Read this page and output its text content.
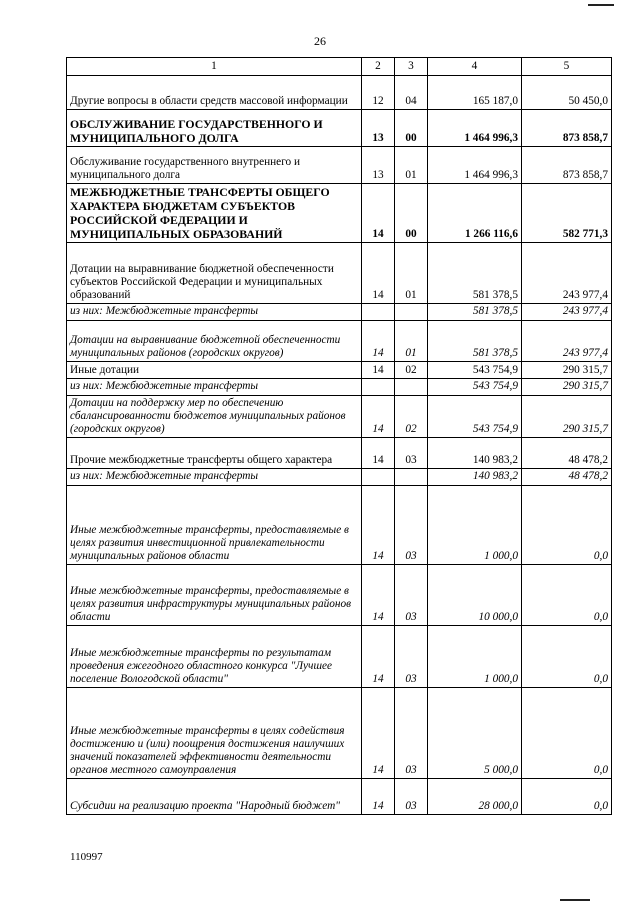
26
1	2	3	4	5
Другие вопросы в области средств массовой информации	12	04	165 187,0	50 450,0
ОБСЛУЖИВАНИЕ ГОСУДАРСТВЕННОГО И МУНИЦИПАЛЬНОГО ДОЛГА	13	00	1 464 996,3	873 858,7
Обслуживание государственного внутреннего и муниципального долга	13	01	1 464 996,3	873 858,7
МЕЖБЮДЖЕТНЫЕ ТРАНСФЕРТЫ ОБЩЕГО ХАРАКТЕРА БЮДЖЕТАМ СУБЪЕКТОВ РОССИЙСКОЙ ФЕДЕРАЦИИ И МУНИЦИПАЛЬНЫХ ОБРАЗОВАНИЙ	14	00	1 266 116,6	582 771,3
Дотации на выравнивание бюджетной обеспеченности субъектов Российской Федерации и муниципальных образований	14	01	581 378,5	243 977,4
из них: Межбюджетные трансферты			581 378,5	243 977,4
Дотации на выравнивание бюджетной обеспеченности муниципальных районов (городских округов)	14	01	581 378,5	243 977,4
Иные дотации	14	02	543 754,9	290 315,7
из них: Межбюджетные трансферты			543 754,9	290 315,7
Дотации на поддержку мер по обеспечению сбалансированности бюджетов муниципальных районов (городских округов)	14	02	543 754,9	290 315,7
Прочие межбюджетные трансферты общего характера	14	03	140 983,2	48 478,2
из них: Межбюджетные трансферты			140 983,2	48 478,2
Иные межбюджетные трансферты, предоставляемые в целях развития инвестиционной привлекательности муниципальных районов области	14	03	1 000,0	0,0
Иные межбюджетные трансферты, предоставляемые в целях развития инфраструктуры муниципальных районов области	14	03	10 000,0	0,0
Иные межбюджетные трансферты по результатам проведения ежегодного областного конкурса "Лучшее поселение Вологодской области"	14	03	1 000,0	0,0
Иные межбюджетные трансферты в целях содействия достижению и (или) поощрения достижения наилучших значений показателей эффективности деятельности органов местного самоуправления	14	03	5 000,0	0,0
Субсидии на реализацию проекта "Народный бюджет"	14	03	28 000,0	0,0
110997
